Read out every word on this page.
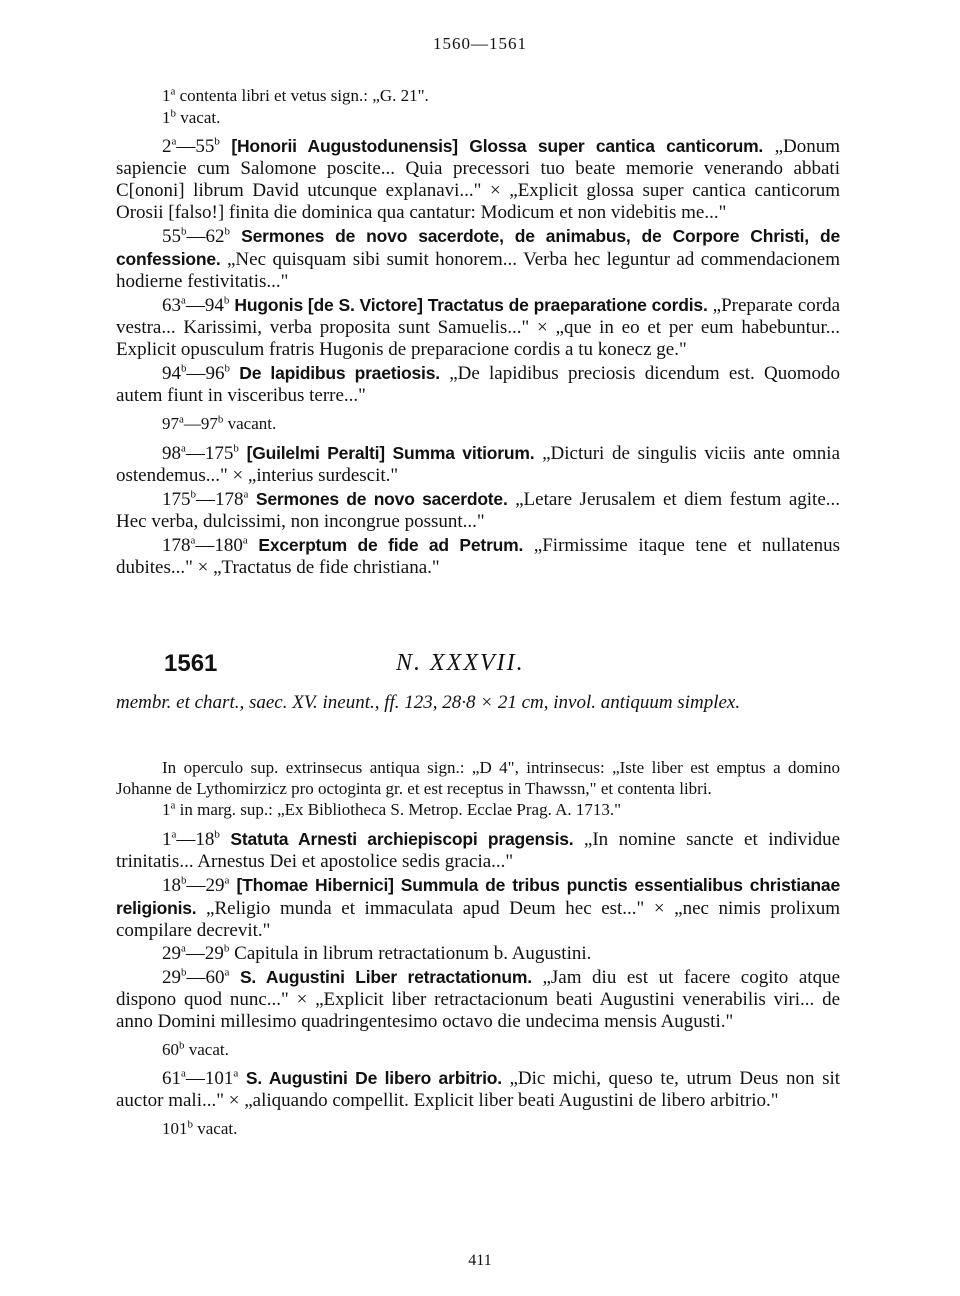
1560—1561
1$^a$ contenta libri et vetus sign.: „G. 21".
1$^b$ vacat.
2$^a$—55$^b$ [Honorii Augustodunensis] Glossa super cantica canticorum. „Donum sapiencie cum Salomone poscite... Quia precessori tuo beate memorie venerando abbati C[ononi] librum David utcunque explanavi..." × „Explicit glossa super cantica canticorum Orosii [falso!] finita die dominica qua cantatur: Modicum et non videbitis me..."
55$^b$—62$^b$ Sermones de novo sacerdote, de animabus, de Corpore Christi, de confessione. „Nec quisquam sibi sumit honorem... Verba hec leguntur ad commendacionem hodierne festivitatis..."
63$^a$—94$^b$ Hugonis [de S. Victore] Tractatus de praeparatione cordis. „Preparate corda vestra... Karissimi, verba proposita sunt Samuelis..." × „que in eo et per eum habebuntur... Explicit opusculum fratris Hugonis de preparacione cordis a tu konecz ge."
94$^b$—96$^b$ De lapidibus praetiosis. „De lapidibus preciosis dicendum est. Quomodo autem fiunt in visceribus terre..."
97$^a$—97$^b$ vacant.
98$^a$—175$^b$ [Guilelmi Peralti] Summa vitiorum. „Dicturi de singulis viciis ante omnia ostendemus..." × „interius surdescit."
175$^b$—178$^a$ Sermones de novo sacerdote. „Letare Jerusalem et diem festum agite... Hec verba, dulcissimi, non incongrue possunt..."
178$^a$—180$^a$ Excerptum de fide ad Petrum. „Firmissime itaque tene et nullatenus dubites..." × „Tractatus de fide christiana."
1561	N. XXXVII.
membr. et chart., saec. XV. ineunt., ff. 123, 28·8 × 21 cm, invol. antiquum simplex.
In operculo sup. extrinsecus antiqua sign.: „D 4", intrinsecus: „Iste liber est emptus a domino Johanne de Lythomirzicz pro octoginta gr. et est receptus in Thawssn," et contenta libri.
1$^a$ in marg. sup.: „Ex Bibliotheca S. Metrop. Ecclae Prag. A. 1713."
1$^a$—18$^b$ Statuta Arnesti archiepiscopi pragensis. „In nomine sancte et individue trinitatis... Arnestus Dei et apostolice sedis gracia..."
18$^b$—29$^a$ [Thomae Hibernici] Summula de tribus punctis essentialibus christianae religionis. „Religio munda et immaculata apud Deum hec est..." × „nec nimis prolixum compilare decrevit."
29$^a$—29$^b$ Capitula in librum retractationum b. Augustini.
29$^b$—60$^a$ S. Augustini Liber retractationum. „Jam diu est ut facere cogito atque dispono quod nunc..." × „Explicit liber retractacionum beati Augustini venerabilis viri... de anno Domini millesimo quadringentesimo octavo die undecima mensis Augusti."
60$^b$ vacat.
61$^a$—101$^a$ S. Augustini De libero arbitrio. „Dic michi, queso te, utrum Deus non sit auctor mali..." × „aliquando compellit. Explicit liber beati Augustini de libero arbitrio."
101$^b$ vacat.
411
